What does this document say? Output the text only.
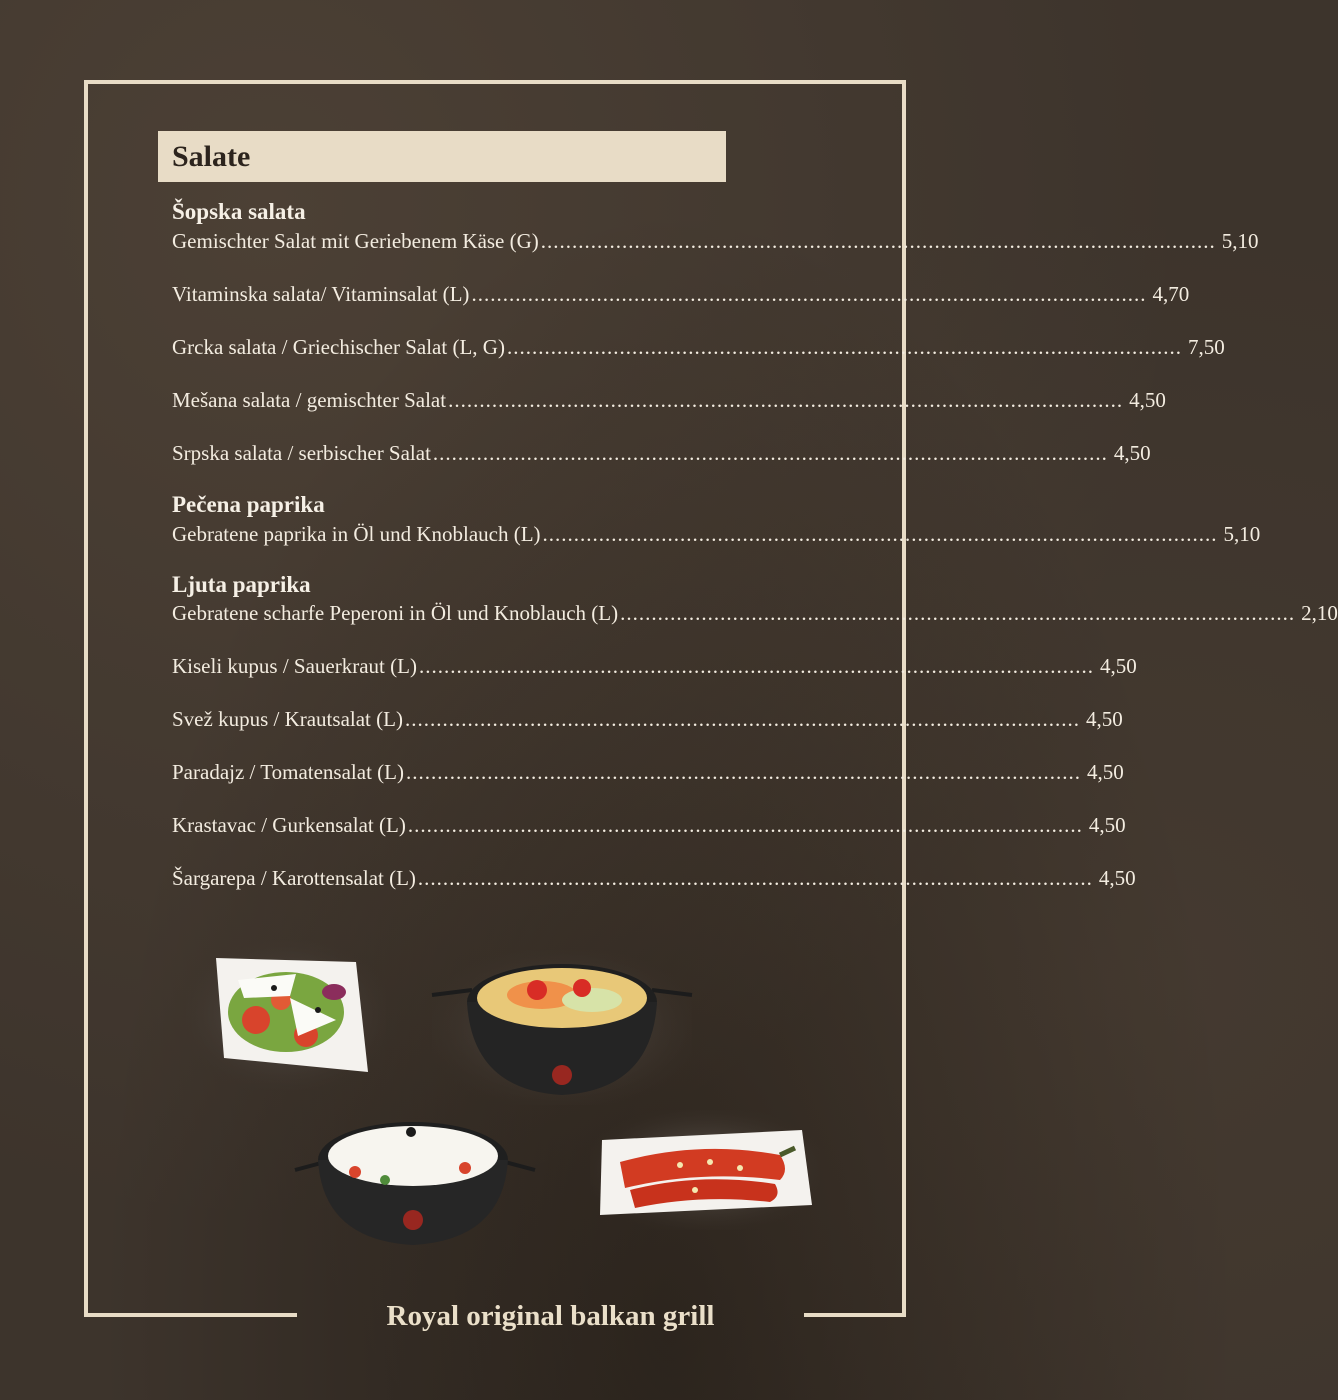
Salate
Šopska salata
Gemischter Salat mit Geriebenem Käse (G) ............................................................................................................ 5,10
Vitaminska salata/ Vitaminsalat (L) ............................................................................................................ 4,70
Grcka salata / Griechischer Salat (L, G) ............................................................................................................ 7,50
Mešana salata / gemischter Salat ............................................................................................................ 4,50
Srpska salata / serbischer Salat ............................................................................................................ 4,50
Pečena paprika
Gebratene paprika in Öl und Knoblauch (L) ............................................................................................................ 5,10
Ljuta paprika
Gebratene scharfe Peperoni in Öl und Knoblauch (L) ............................................................................................................ 2,10
Kiseli kupus / Sauerkraut (L) ............................................................................................................ 4,50
Svež kupus / Krautsalat (L) ............................................................................................................ 4,50
Paradajz / Tomatensalat (L) ............................................................................................................ 4,50
Krastavac / Gurkensalat (L) ............................................................................................................ 4,50
Šargarepa / Karottensalat (L) ............................................................................................................ 4,50
Royal original balkan grill
